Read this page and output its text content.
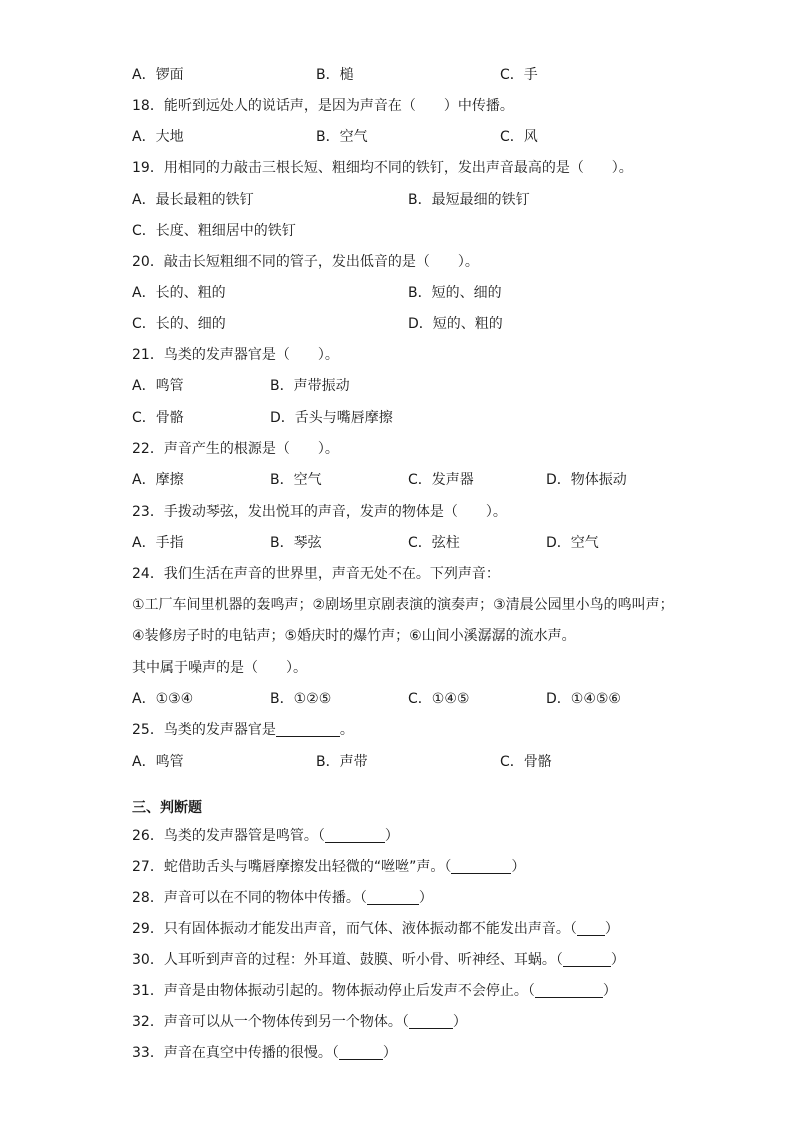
A．锣面	B．槌	C．手
18．能听到远处人的说话声，是因为声音在（　　）中传播。
A．大地	B．空气	C．风
19．用相同的力敲击三根长短、粗细均不同的铁钉，发出声音最高的是（　　）。
A．最长最粗的铁钉	B．最短最细的铁钉
C．长度、粗细居中的铁钉
20．敲击长短粗细不同的管子，发出低音的是（　　）。
A．长的、粗的	B．短的、细的
C．长的、细的	D．短的、粗的
21．鸟类的发声器官是（　　）。
A．鸣管	B．声带振动
C．骨骼	D．舌头与嘴唇摩擦
22．声音产生的根源是（　　）。
A．摩擦	B．空气	C．发声器	D．物体振动
23．手拨动琴弦，发出悦耳的声音，发声的物体是（　　）。
A．手指	B．琴弦	C．弦柱	D．空气
24．我们生活在声音的世界里，声音无处不在。下列声音：
①工厂车间里机器的轰鸣声；②剧场里京剧表演的演奏声；③清晨公园里小鸟的鸣叫声；
④装修房子时的电钻声；⑤婚庆时的爆竹声；⑥山间小溪潺潺的流水声。
其中属于噪声的是（　　）。
A．①③④	B．①②⑤	C．①④⑤	D．①④⑤⑥
25．鸟类的发声器官是	。
A．鸣管	B．声带	C．骨骼
三、判断题
26．鸟类的发声器管是鸣管。（	）
27．蛇借助舌头与嘴唇摩擦发出轻微的“咝咝”声。（	）
28．声音可以在不同的物体中传播。（	）
29．只有固体振动才能发出声音，而气体、液体振动都不能发出声音。（ ）
30．人耳听到声音的过程：外耳道、鼓膜、听小骨、听神经、耳蜗。（	）
31．声音是由物体振动引起的。物体振动停止后发声不会停止。（	）
32．声音可以从一个物体传到另一个物体。（	）
33．声音在真空中传播的很慢。（	）
